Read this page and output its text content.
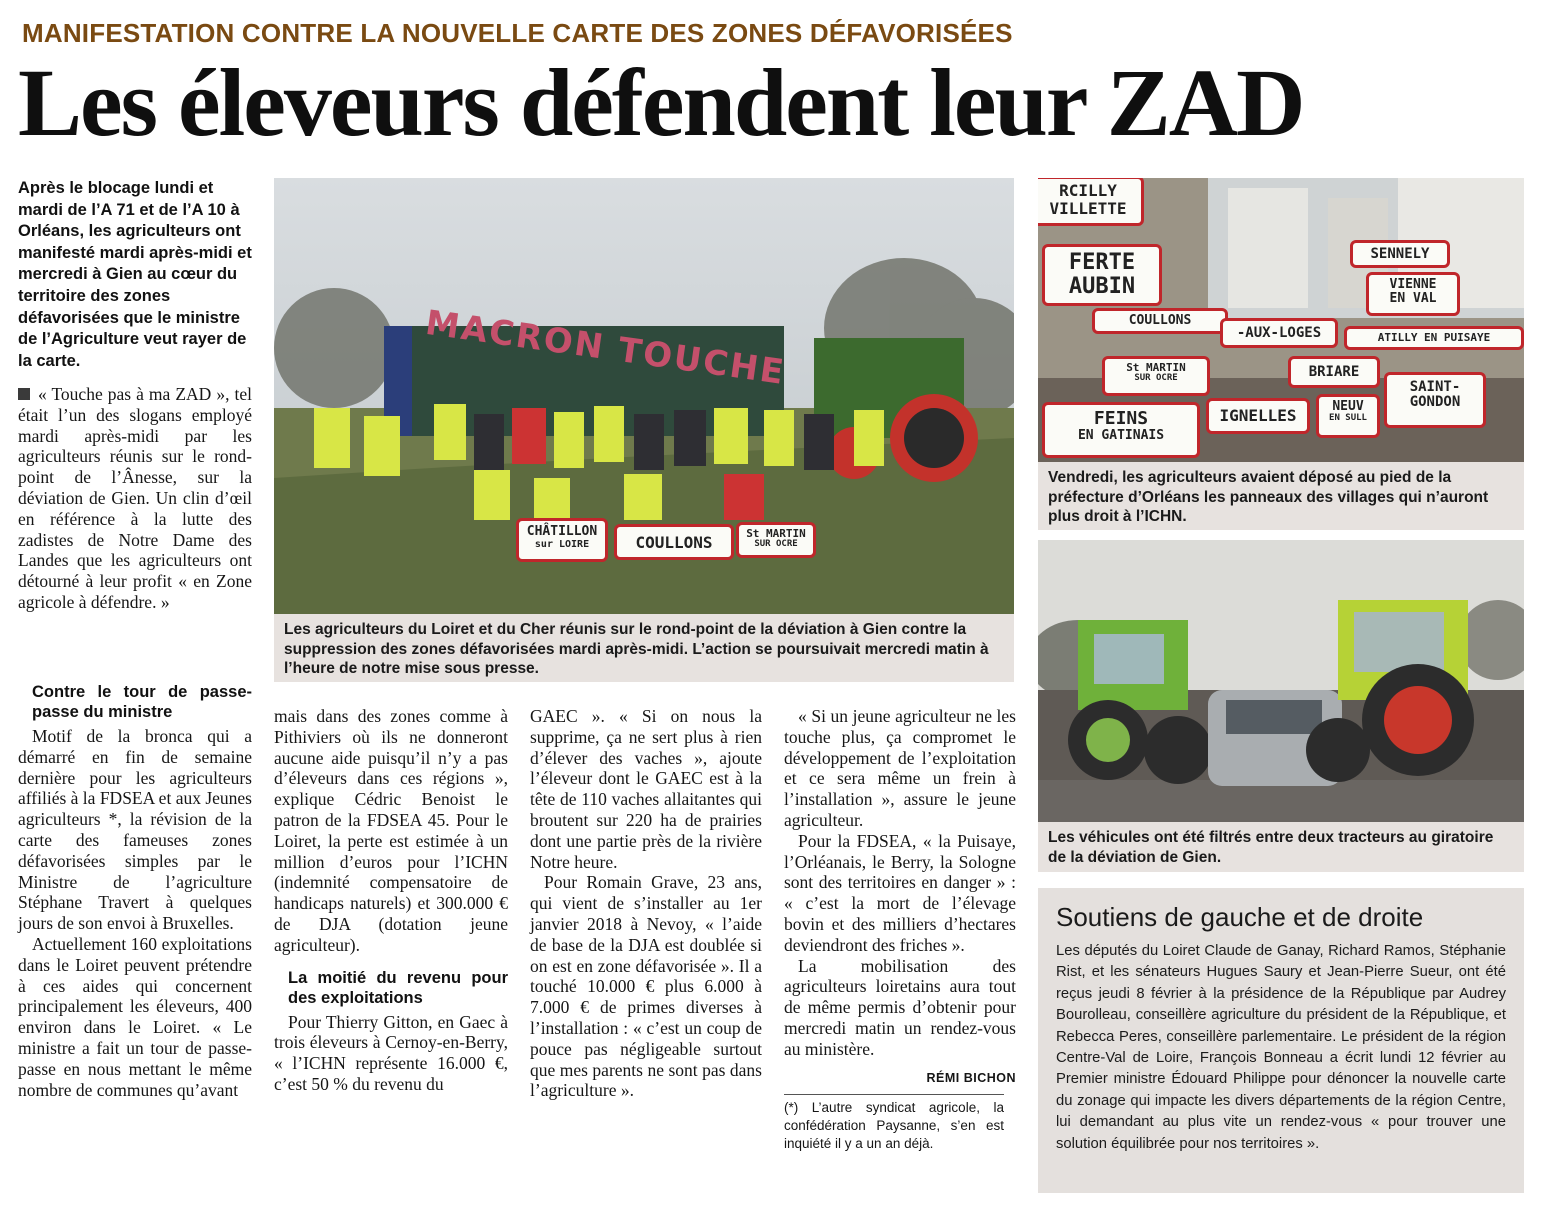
MANIFESTATION CONTRE LA NOUVELLE CARTE DES ZONES DÉFAVORISÉES
Les éleveurs défendent leur ZAD
Après le blocage lundi et mardi de l’A 71 et de l’A 10 à Orléans, les agriculteurs ont manifesté mardi après-midi et mercredi à Gien au cœur du territoire des zones défavorisées que le ministre de l’Agriculture veut rayer de la carte.

« Touche pas à ma ZAD », tel était l’un des slogans employé mardi après-midi par les agriculteurs réunis sur le rond-point de l’Ânesse, sur la déviation de Gien. Un clin d’œil en référence à la lutte des zadistes de Notre Dame des Landes que les agriculteurs ont détourné à leur profit « en Zone agricole à défendre. »

Contre le tour de passe-passe du ministre

Motif de la bronca qui a démarré en fin de semaine dernière pour les agriculteurs affiliés à la FDSEA et aux Jeunes agriculteurs *, la révision de la carte des fameuses zones défavorisées simples par le Ministre de l’agriculture Stéphane Travert à quelques jours de son envoi à Bruxelles.

Actuellement 160 exploitations dans le Loiret peuvent prétendre à ces aides qui concernent principalement les éleveurs, 400 environ dans le Loiret. « Le ministre a fait un tour de passe-passe en nous mettant le même nombre de communes qu’avant

mais dans des zones comme à Pithiviers où ils ne donneront aucune aide puisqu’il n’y a pas d’éleveurs dans ces régions », explique Cédric Benoist le patron de la FDSEA 45. Pour le Loiret, la perte est estimée à un million d’euros pour l’ICHN (indemnité compensatoire de handicaps naturels) et 300.000 € de DJA (dotation jeune agriculteur).

La moitié du revenu pour des exploitations

Pour Thierry Gitton, en Gaec à trois éleveurs à Cernoy-en-Berry, « l’ICHN représente 16.000 €, c’est 50 % du revenu du

GAEC ». « Si on nous la supprime, ça ne sert plus à rien d’élever des vaches », ajoute l’éleveur dont le GAEC est à la tête de 110 vaches allaitantes qui broutent sur 220 ha de prairies dont une partie près de la rivière Notre heure.

Pour Romain Grave, 23 ans, qui vient de s’installer au 1er janvier 2018 à Nevoy, « l’aide de base de la DJA est doublée si on est en zone défavorisée ». Il a touché 10.000 € plus 6.000 à 7.000 € de primes diverses à l’installation : « c’est un coup de pouce pas négligeable surtout que mes parents ne sont pas dans l’agriculture ».

« Si un jeune agriculteur ne les touche plus, ça compromet le développement de l’exploitation et ce sera même un frein à l’installation », assure le jeune agriculteur.

Pour la FDSEA, « la Puisaye, l’Orléanais, le Berry, la Sologne sont des territoires en danger » : « c’est la mort de l’élevage bovin et des milliers d’hectares deviendront des friches ».

La mobilisation des agriculteurs loiretains aura tout de même permis d’obtenir pour mercredi matin un rendez-vous au ministère.

RÉMI BICHON
(*) L’autre syndicat agricole, la confédération Paysanne, s’en est inquiété il y a un an déjà.
MACRON TOUCHE
CHÂTILLON
sur LOIRE	COULLONS	St MARTIN
SUR OCRE
Les agriculteurs du Loiret et du Cher réunis sur le rond-point de la déviation à Gien contre la suppression des zones défavorisées mardi après-midi. L’action se poursuivait mercredi matin à l’heure de notre mise sous presse.
RCILLY
VILLETTE
FERTE
AUBIN
COULLONS
SENNELY
VIENNE
EN VAL
-AUX-LOGES	ATILLY EN PUISAYE
St MARTIN
SUR OCRE	BRIARE
FEINS
EN GATINAIS
IGNELLES	NEUV
EN SULL
SAINT-
GONDON
Vendredi, les agriculteurs avaient déposé au pied de la préfecture d’Orléans les panneaux des villages qui n’auront plus droit à l’ICHN.
Les véhicules ont été filtrés entre deux tracteurs au giratoire de la déviation de Gien.
Soutiens de gauche et de droite
Les députés du Loiret Claude de Ganay, Richard Ramos, Stéphanie Rist, et les sénateurs Hugues Saury et Jean-Pierre Sueur, ont été reçus jeudi 8 février à la présidence de la République par Audrey Bourolleau, conseillère agriculture du président de la République, et Rebecca Peres, conseillère parlementaire. Le président de la région Centre-Val de Loire, François Bonneau a écrit lundi 12 février au Premier ministre Édouard Philippe pour dénoncer la nouvelle carte du zonage qui impacte les divers départements de la région Centre, lui demandant au plus vite un rendez-vous « pour trouver une solution équilibrée pour nos territoires ».
